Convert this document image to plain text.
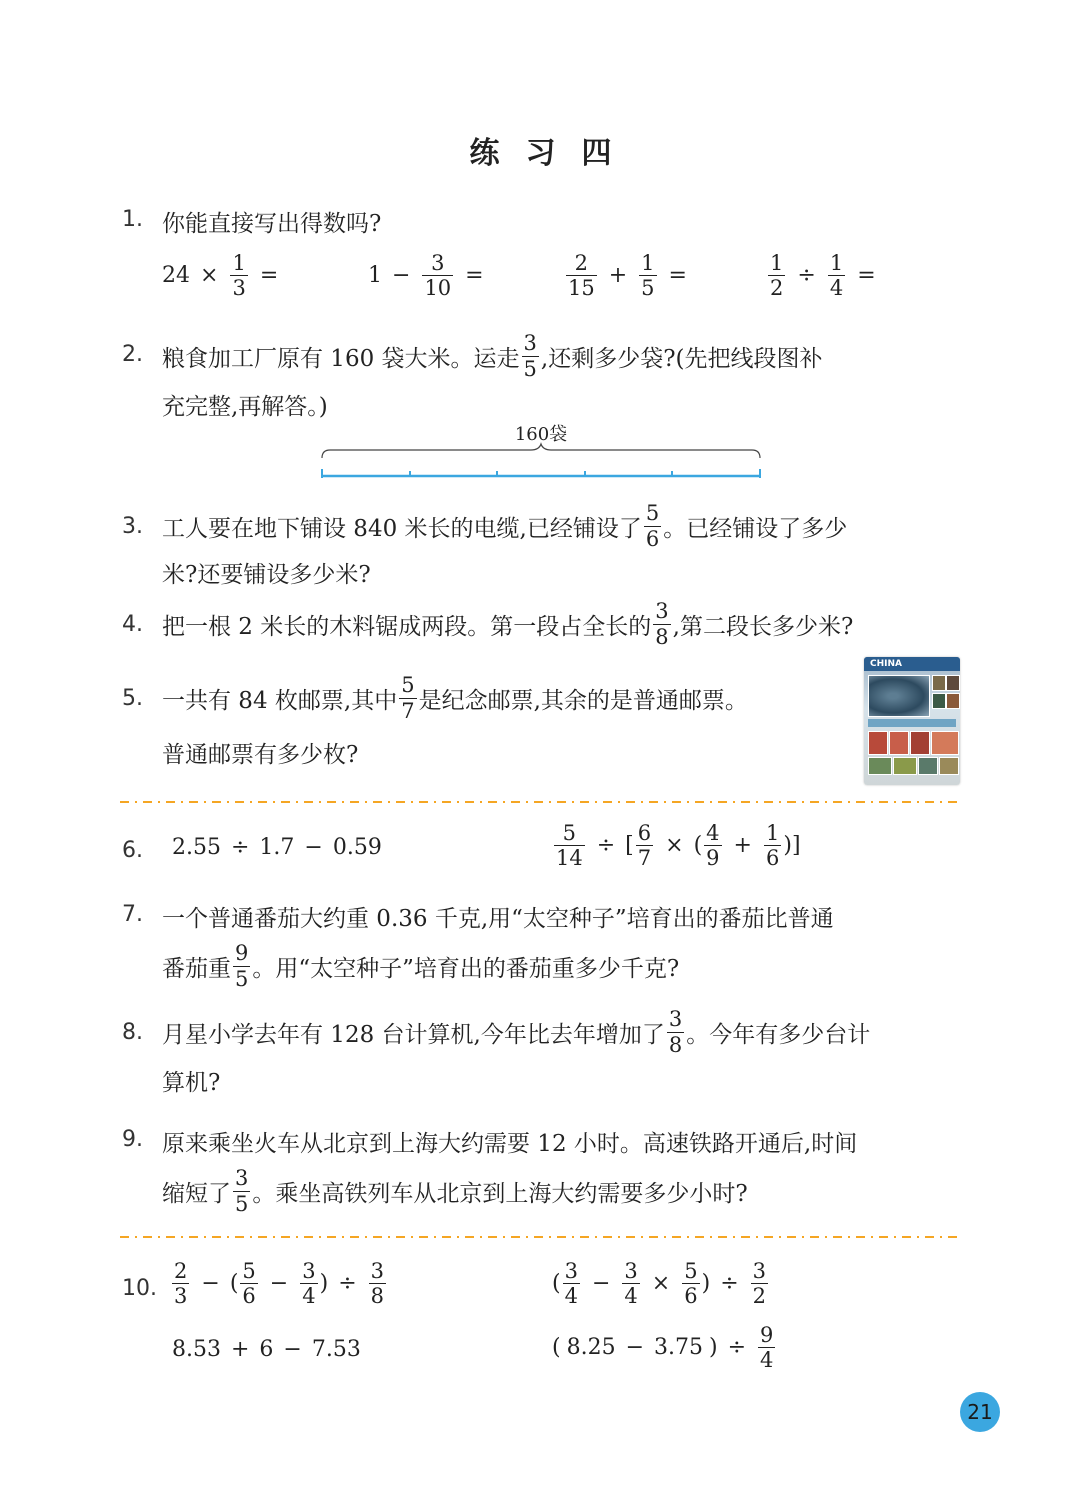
练 习 四
1. 你能直接写出得数吗?
$24 \times \frac{1}{3}$ =	$1 - \frac{3}{10}$ =	$\frac{2}{15} + \frac{1}{5}$ =	$\frac{1}{2} \div \frac{1}{4}$ =
2. 粮食加工厂原有 160 袋大米。运走 $\frac{3}{5}$ ,还剩多少袋?(先把线段图补
充完整,再解答。)
160袋
3. 工人要在地下铺设 840 米长的电缆,已经铺设了 $\frac{5}{6}$ 。已经铺设了多少
米?还要铺设多少米?
4. 把一根 2 米长的木料锯成两段。第一段占全长的 $\frac{3}{8}$ ,第二段长多少米?
5. 一共有 84 枚邮票,其中 $\frac{5}{7}$ 是纪念邮票,其余的是普通邮票。
普通邮票有多少枚?
CHINA
6. 2.55 ÷ 1.7 − 0.59	$\frac{5}{14}$ ÷ [ $\frac{6}{7}$ × ( $\frac{4}{9} + \frac{1}{6}$ ) ]
7. 一个普通番茄大约重 0.36 千克,用“太空种子”培育出的番茄比普通
番茄重 $\frac{9}{5}$ 。用“太空种子”培育出的番茄重多少千克?
8. 月星小学去年有 128 台计算机,今年比去年增加了 $\frac{3}{8}$ 。今年有多少台计
算机?
9. 原来乘坐火车从北京到上海大约需要 12 小时。高速铁路开通后,时间
缩短了 $\frac{3}{5}$ 。乘坐高铁列车从北京到上海大约需要多少小时?
10. $\frac{2}{3}$ − ( $\frac{5}{6} - \frac{3}{4}$ ) ÷ $\frac{3}{8}$	( $\frac{3}{4} - \frac{3}{4} \times \frac{5}{6}$ ) ÷ $\frac{3}{2}$
8.53 + 6 − 7.53	( 8.25 − 3.75 ) ÷ $\frac{9}{4}$
21
